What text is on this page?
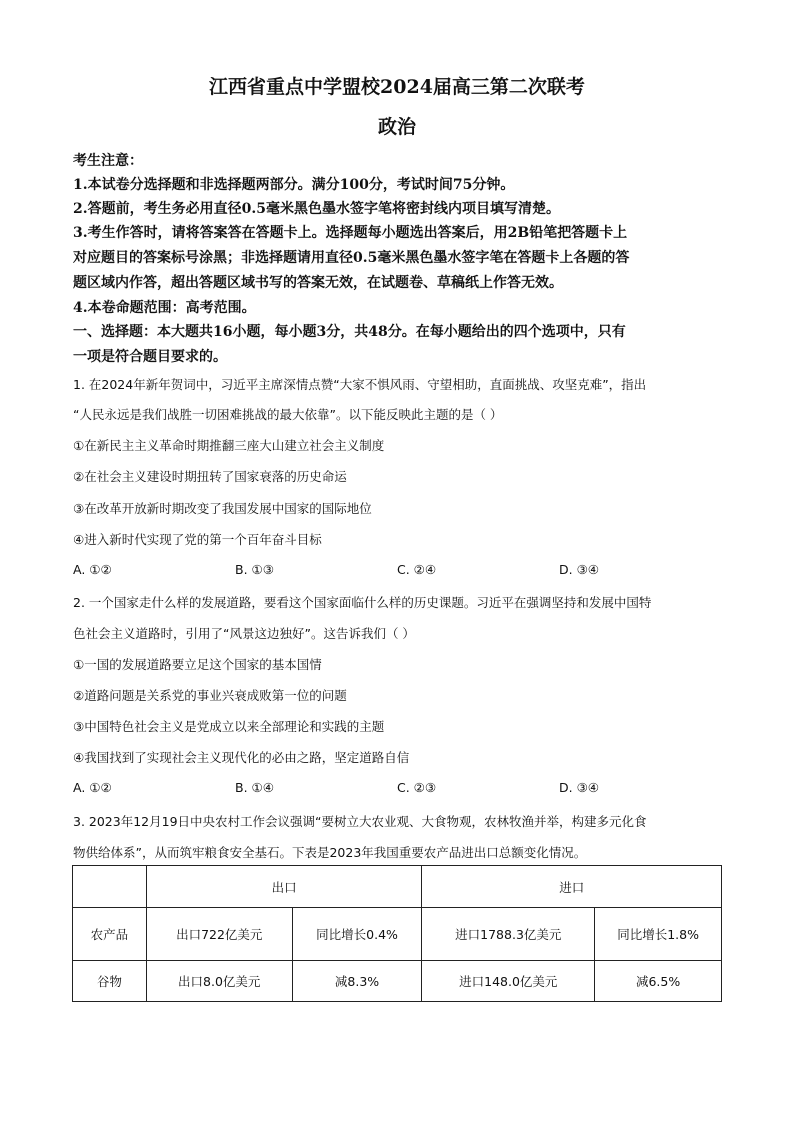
江西省重点中学盟校2024届高三第二次联考
政治
考生注意：
1.本试卷分选择题和非选择题两部分。满分100分，考试时间75分钟。
2.答题前，考生务必用直径0.5毫米黑色墨水签字笔将密封线内项目填写清楚。
3.考生作答时，请将答案答在答题卡上。选择题每小题选出答案后，用2B铅笔把答题卡上
对应题目的答案标号涂黑；非选择题请用直径0.5毫米黑色墨水签字笔在答题卡上各题的答
题区域内作答，超出答题区域书写的答案无效，在试题卷、草稿纸上作答无效。
4.本卷命题范围：高考范围。
一、选择题：本大题共16小题，每小题3分，共48分。在每小题给出的四个选项中，只有
一项是符合题目要求的。
1. 在2024年新年贺词中，习近平主席深情点赞“大家不惧风雨、守望相助，直面挑战、攻坚克难”，指出
“人民永远是我们战胜一切困难挑战的最大依靠”。以下能反映此主题的是（ ）
①在新民主主义革命时期推翻三座大山建立社会主义制度
②在社会主义建设时期扭转了国家衰落的历史命运
③在改革开放新时期改变了我国发展中国家的国际地位
④进入新时代实现了党的第一个百年奋斗目标
A. ①②	B. ①③	C. ②④	D. ③④
2. 一个国家走什么样的发展道路，要看这个国家面临什么样的历史课题。习近平在强调坚持和发展中国特
色社会主义道路时，引用了“风景这边独好”。这告诉我们（ ）
①一国的发展道路要立足这个国家的基本国情
②道路问题是关系党的事业兴衰成败第一位的问题
③中国特色社会主义是党成立以来全部理论和实践的主题
④我国找到了实现社会主义现代化的必由之路，坚定道路自信
A. ①②	B. ①④	C. ②③	D. ③④
3. 2023年12月19日中央农村工作会议强调“要树立大农业观、大食物观，农林牧渔并举，构建多元化食
物供给体系”，从而筑牢粮食安全基石。下表是2023年我国重要农产品进出口总额变化情况。
	出口		进口	
农产品	出口722亿美元	同比增长0.4%	进口1788.3亿美元	同比增长1.8%
谷物	出口8.0亿美元	减8.3%	进口148.0亿美元	减6.5%
